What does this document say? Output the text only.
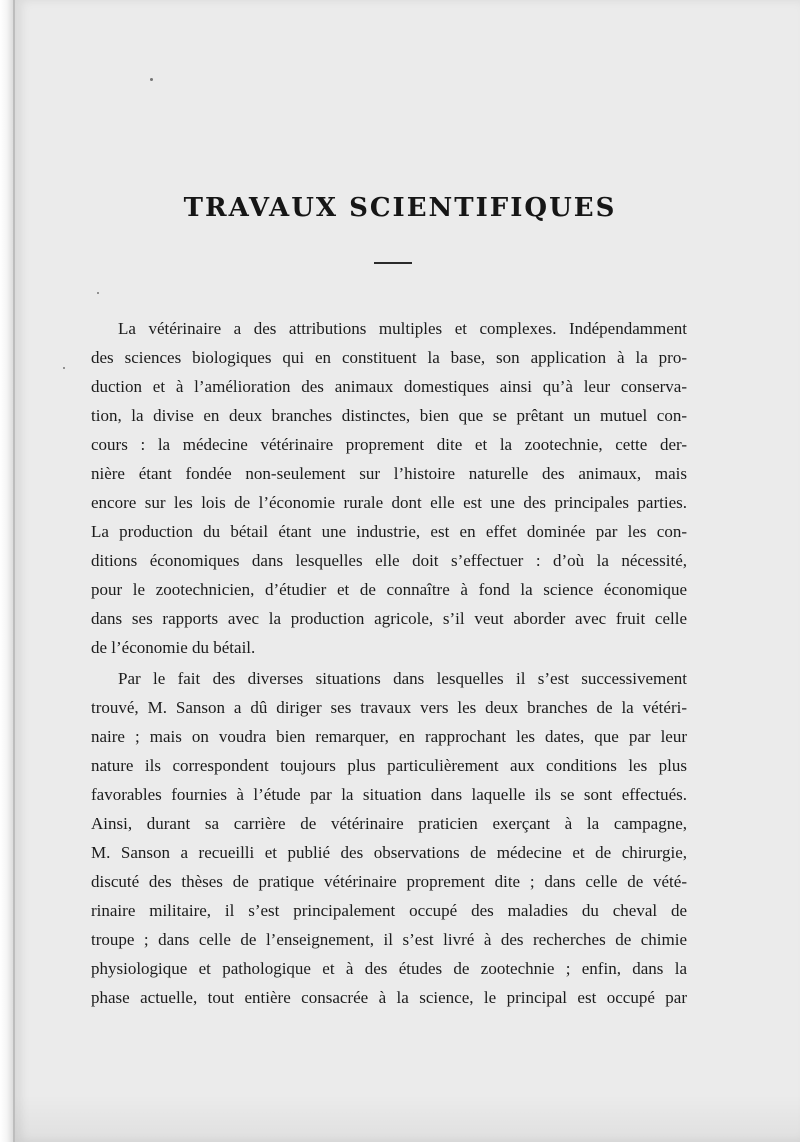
TRAVAUX SCIENTIFIQUES
La vétérinaire a des attributions multiples et complexes. Indépendamment
des sciences biologiques qui en constituent la base, son application à la pro-
duction et à l’amélioration des animaux domestiques ainsi qu’à leur conserva-
tion, la divise en deux branches distinctes, bien que se prêtant un mutuel con-
cours : la médecine vétérinaire proprement dite et la zootechnie, cette der-
nière étant fondée non-seulement sur l’histoire naturelle des animaux, mais
encore sur les lois de l’économie rurale dont elle est une des principales parties.
La production du bétail étant une industrie, est en effet dominée par les con-
ditions économiques dans lesquelles elle doit s’effectuer : d’où la nécessité,
pour le zootechnicien, d’étudier et de connaître à fond la science économique
dans ses rapports avec la production agricole, s’il veut aborder avec fruit celle
de l’économie du bétail.
Par le fait des diverses situations dans lesquelles il s’est successivement
trouvé, M. Sanson a dû diriger ses travaux vers les deux branches de la vétéri-
naire ; mais on voudra bien remarquer, en rapprochant les dates, que par leur
nature ils correspondent toujours plus particulièrement aux conditions les plus
favorables fournies à l’étude par la situation dans laquelle ils se sont effectués.
Ainsi, durant sa carrière de vétérinaire praticien exerçant à la campagne,
M. Sanson a recueilli et publié des observations de médecine et de chirurgie,
discuté des thèses de pratique vétérinaire proprement dite ; dans celle de vété-
rinaire militaire, il s’est principalement occupé des maladies du cheval de
troupe ; dans celle de l’enseignement, il s’est livré à des recherches de chimie
physiologique et pathologique et à des études de zootechnie ; enfin, dans la
phase actuelle, tout entière consacrée à la science, le principal est occupé par
